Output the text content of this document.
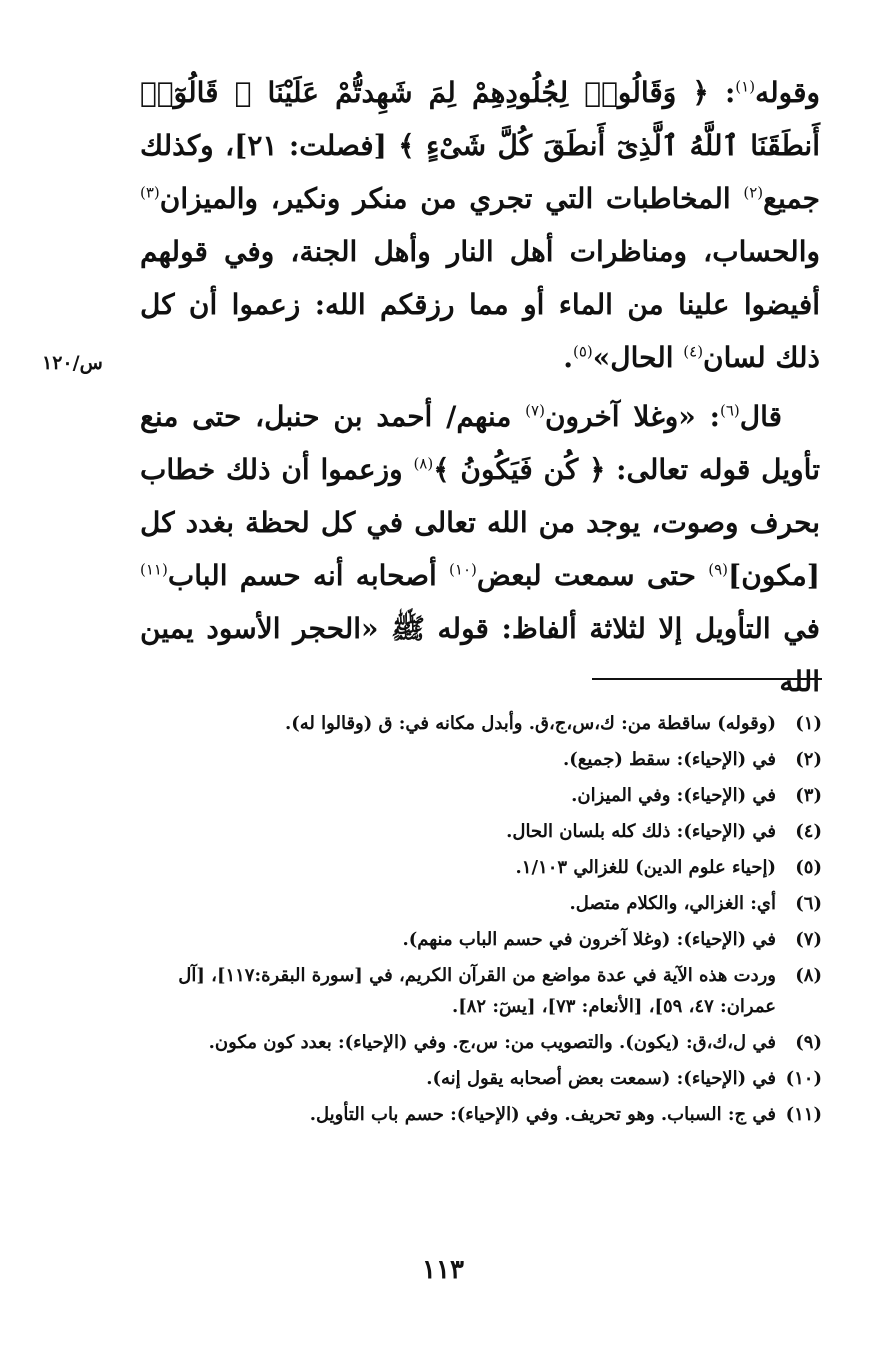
وقوله$^{(١)}$: ﴿ وَقَالُوا۟ لِجُلُودِهِمْ لِمَ شَهِدتُّمْ عَلَيْنَا ۖ قَالُوٓا۟ أَنطَقَنَا ٱللَّهُ ٱلَّذِىٓ أَنطَقَ كُلَّ شَىْءٍ ﴾ [فصلت: ٢١]، وكذلك جميع$^{(٢)}$ المخاطبات التي تجري من منكر ونكير، والميزان$^{(٣)}$ والحساب، ومناظرات أهل النار وأهل الجنة، وفي قولهم أفيضوا علينا من الماء أو مما رزقكم الله: زعموا أن كل ذلك لسان$^{(٤)}$ الحال»$^{(٥)}$.

قال$^{(٦)}$: «وغلا آخرون$^{(٧)}$ منهم/ أحمد بن حنبل، حتى منع تأويل قوله تعالى: ﴿ كُن فَيَكُونُ ﴾$^{(٨)}$ وزعموا أن ذلك خطاب بحرف وصوت، يوجد من الله تعالى في كل لحظة بغدد كل [مكون]$^{(٩)}$ حتى سمعت لبعض$^{(١٠)}$ أصحابه أنه حسم الباب$^{(١١)}$ في التأويل إلا لثلاثة ألفاظ: قوله ﷺ «الحجر الأسود يمين الله

س/١٢٠
(١)
(وقوله) ساقطة من: ك،س،ج،ق. وأبدل مكانه في: ق (وقالوا له).
(٢)
في (الإحياء): سقط (جميع).
(٣)
في (الإحياء): وفي الميزان.
(٤)
في (الإحياء): ذلك كله بلسان الحال.
(٥)
(إحياء علوم الدين) للغزالي ١/١٠٣.
(٦)
أي: الغزالي، والكلام متصل.
(٧)
في (الإحياء): (وغلا آخرون في حسم الباب منهم).
(٨)
وردت هذه الآية في عدة مواضع من القرآن الكريم، في [سورة البقرة:١١٧]، [آل عمران: ٤٧، ٥٩]، [الأنعام: ٧٣]، [يسٓ: ٨٢].
(٩)
في ل،ك،ق: (يكون). والتصويب من: س،ج. وفي (الإحياء): بعدد كون مكون.
(١٠)
في (الإحياء): (سمعت بعض أصحابه يقول إنه).
(١١)
في ج: السباب. وهو تحريف. وفي (الإحياء): حسم باب التأويل.
١١٣
